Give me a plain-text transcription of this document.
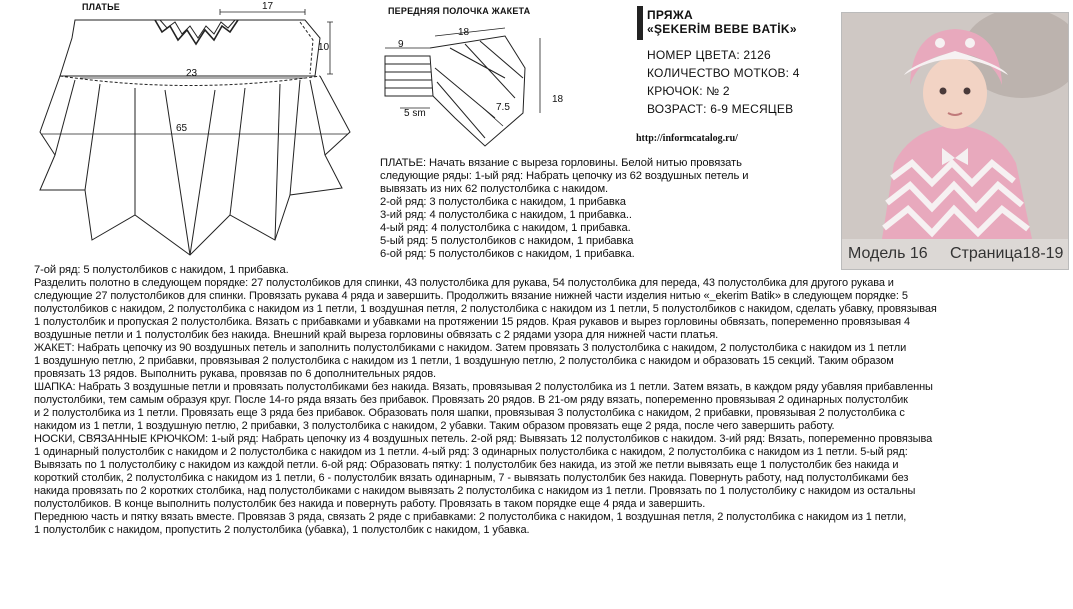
ПЛАТЬЕ	17
10
23
65
ПЕРЕДНЯЯ ПОЛОЧКА ЖАКЕТА
9
18
5 sm
18
7.5
ПРЯЖА
«ŞEKERİM BEBE BATİK»
НОМЕР ЦВЕТА: 2126
КОЛИЧЕСТВО МОТКОВ: 4
КРЮЧОК: № 2
ВОЗРАСТ: 6-9 МЕСЯЦЕВ
Модель 16 Страница18-19
http://informcatalog.ru/
ПЛАТЬЕ: Начать вязание с выреза горловины. Белой нитью провязать
следующие ряды: 1-ый ряд: Набрать цепочку из 62 воздушных петель и
вывязать из них 62 полустолбика с накидом.
2-ой ряд: 3 полустолбика с накидом, 1 прибавка
3-ий ряд: 4 полустолбика с накидом, 1 прибавка..
4-ый ряд: 4 полустолбика с накидом, 1 прибавка.
5-ый ряд: 5 полустолбиков с накидом, 1 прибавка
6-ой ряд: 5 полустолбиков с накидом, 1 прибавка.
7-ой ряд: 5 полустолбиков с накидом, 1 прибавка.
Разделить полотно в следующем порядке: 27 полустолбиков для спинки, 43 полустолбика для рукава, 54 полустолбика для переда, 43 полустолбика для другого рукава и
следующие 27 полустолбиков для спинки. Провязать рукава 4 ряда и завершить. Продолжить вязание нижней части изделия нитью «_ekerim Batik» в следующем порядке: 5
полустолбиков с накидом, 2 полустолбика с накидом из 1 петли, 1 воздушная петля, 2 полустолбика с накидом из 1 петли, 5 полустолбиков с накидом, сделать убавку, провязывая
1 полустолбик и пропуская 2 полустолбика. Вязать с прибавками и убавками на протяжении 15 рядов. Края рукавов и вырез горловины обвязать, попеременно провязывая 4
воздушные петли и 1 полустолбик без накида. Внешний край выреза горловины обвязать с 2 рядами узора для нижней части платья.
ЖАКЕТ: Набрать цепочку из 90 воздушных петель и заполнить полустолбиками с накидом. Затем провязать 3 полустолбика с накидом, 2 полустолбика с накидом из 1 петли
1 воздушную петлю, 2 прибавки, провязывая 2 полустолбика с накидом из 1 петли, 1 воздушную петлю, 2 полустолбика с накидом и образовать 15 секций. Таким образом
провязать 13 рядов. Выполнить рукава, провязав по 6 дополнительных рядов.
ШАПКА: Набрать 3 воздушные петли и провязать полустолбиками без накида. Вязать, провязывая 2 полустолбика из 1 петли. Затем вязать, в каждом ряду убавляя прибавленны
полустолбики, тем самым образуя круг. После 14-го ряда вязать без прибавок. Провязать 20 рядов. В 21-ом ряду вязать, попеременно провязывая 2 одинарных полустолбик
и 2 полустолбика из 1 петли. Провязать еще 3 ряда без прибавок. Образовать поля шапки, провязывая 3 полустолбика с накидом, 2 прибавки, провязывая 2 полустолбика с
накидом из 1 петли, 1 воздушную петлю, 2 прибавки, 3 полустолбика с накидом, 2 убавки. Таким образом провязать еще 2 ряда, после чего завершить работу.
НОСКИ, СВЯЗАННЫЕ КРЮЧКОМ: 1-ый ряд: Набрать цепочку из 4 воздушных петель. 2-ой ряд: Вывязать 12 полустолбиков с накидом. 3-ий ряд: Вязать, попеременно провязыва
1 одинарный полустолбик с накидом и 2 полустолбика с накидом из 1 петли. 4-ый ряд: 3 одинарных полустолбика с накидом, 2 полустолбика с накидом из 1 петли. 5-ый ряд:
Вывязать по 1 полустолбику с накидом из каждой петли. 6-ой ряд: Образовать пятку: 1 полустолбик без накида, из этой же петли вывязать еще 1 полустолбик без накида и
короткий столбик, 2 полустолбика с накидом из 1 петли, 6 - полустолбик вязать одинарным, 7 - вывязать полустолбик без накида. Повернуть работу, над полустолбиками без
накида провязать по 2 коротких столбика, над полустолбиками с накидом вывязать 2 полустолбика с накидом из 1 петли. Провязать по 1 полустолбику с накидом из остальны
полустолбиков. В конце выполнить полустолбик без накида и повернуть работу. Провязать в таком порядке еще 4 ряда и завершить.
Переднюю часть и пятку вязать вместе. Провязав 3 ряда, связать 2 ряде с прибавками: 2 полустолбика с накидом, 1 воздушная петля, 2 полустолбика с накидом из 1 петли,
1 полустолбик с накидом, пропустить 2 полустолбика (убавка), 1 полустолбик с накидом, 1 убавка.
